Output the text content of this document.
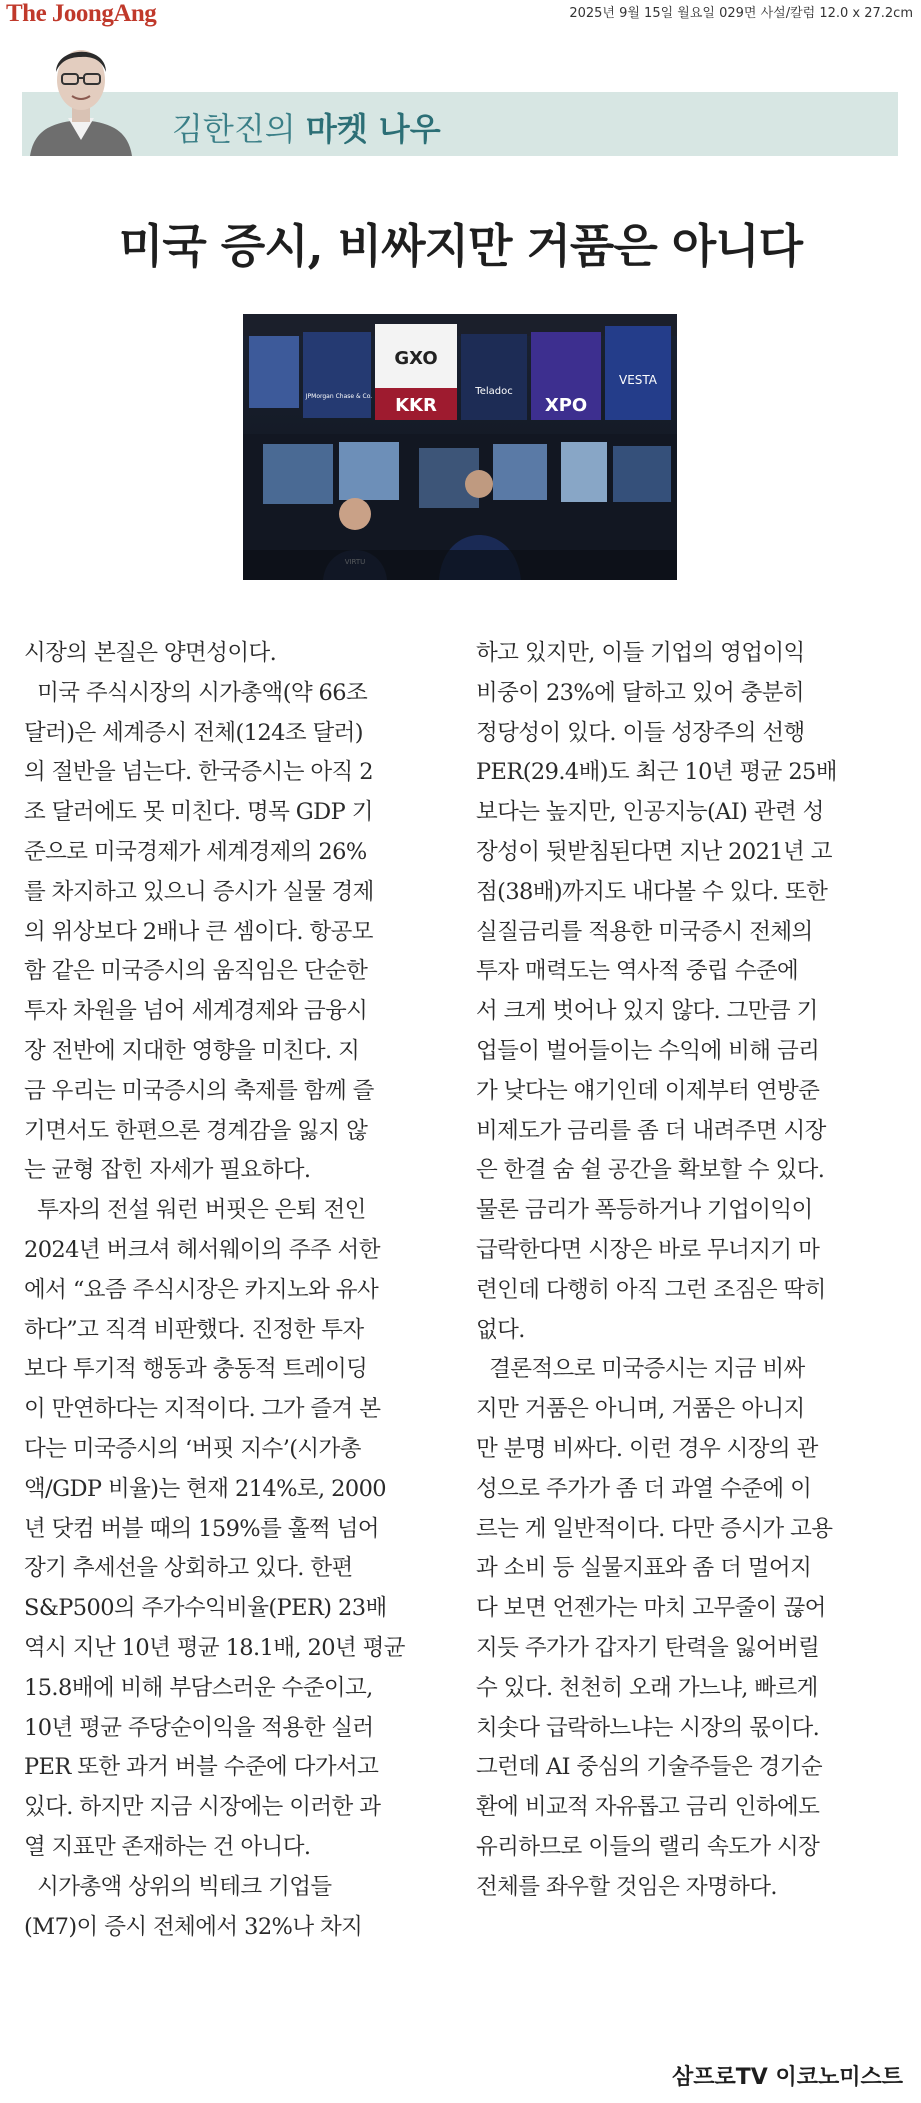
The JoongAng	2025년 9월 15일 월요일 029면 사설/칼럼 12.0 x 27.2cm
김한진의 마켓 나우
미국 증시, 비싸지만 거품은 아니다
GXO
KKR	XPO
VESTA
Teladoc
JPMorgan Chase & Co.
시장의 본질은 양면성이다.
미국 주식시장의 시가총액(약 66조
달러)은 세계증시 전체(124조 달러)
의 절반을 넘는다. 한국증시는 아직 2
조 달러에도 못 미친다. 명목 GDP 기
준으로 미국경제가 세계경제의 26%
를 차지하고 있으니 증시가 실물 경제
의 위상보다 2배나 큰 셈이다. 항공모
함 같은 미국증시의 움직임은 단순한
투자 차원을 넘어 세계경제와 금융시
장 전반에 지대한 영향을 미친다. 지
금 우리는 미국증시의 축제를 함께 즐
기면서도 한편으론 경계감을 잃지 않
는 균형 잡힌 자세가 필요하다.
투자의 전설 워런 버핏은 은퇴 전인
2024년 버크셔 헤서웨이의 주주 서한
에서 “요즘 주식시장은 카지노와 유사
하다”고 직격 비판했다. 진정한 투자
보다 투기적 행동과 충동적 트레이딩
이 만연하다는 지적이다. 그가 즐겨 본
다는 미국증시의 ‘버핏 지수’(시가총
액/GDP 비율)는 현재 214%로, 2000
년 닷컴 버블 때의 159%를 훌쩍 넘어
장기 추세선을 상회하고 있다. 한편
S&P500의 주가수익비율(PER) 23배
역시 지난 10년 평균 18.1배, 20년 평균
15.8배에 비해 부담스러운 수준이고,
10년 평균 주당순이익을 적용한 실러
PER 또한 과거 버블 수준에 다가서고
있다. 하지만 지금 시장에는 이러한 과
열 지표만 존재하는 건 아니다.
시가총액 상위의 빅테크 기업들
(M7)이 증시 전체에서 32%나 차지
하고 있지만, 이들 기업의 영업이익
비중이 23%에 달하고 있어 충분히
정당성이 있다. 이들 성장주의 선행
PER(29.4배)도 최근 10년 평균 25배
보다는 높지만, 인공지능(AI) 관련 성
장성이 뒷받침된다면 지난 2021년 고
점(38배)까지도 내다볼 수 있다. 또한
실질금리를 적용한 미국증시 전체의
투자 매력도는 역사적 중립 수준에
서 크게 벗어나 있지 않다. 그만큼 기
업들이 벌어들이는 수익에 비해 금리
가 낮다는 얘기인데 이제부터 연방준
비제도가 금리를 좀 더 내려주면 시장
은 한결 숨 쉴 공간을 확보할 수 있다.
물론 금리가 폭등하거나 기업이익이
급락한다면 시장은 바로 무너지기 마
련인데 다행히 아직 그런 조짐은 딱히
없다.
결론적으로 미국증시는 지금 비싸
지만 거품은 아니며, 거품은 아니지
만 분명 비싸다. 이런 경우 시장의 관
성으로 주가가 좀 더 과열 수준에 이
르는 게 일반적이다. 다만 증시가 고용
과 소비 등 실물지표와 좀 더 멀어지
다 보면 언젠가는 마치 고무줄이 끊어
지듯 주가가 갑자기 탄력을 잃어버릴
수 있다. 천천히 오래 가느냐, 빠르게
치솟다 급락하느냐는 시장의 몫이다.
그런데 AI 중심의 기술주들은 경기순
환에 비교적 자유롭고 금리 인하에도
유리하므로 이들의 랠리 속도가 시장
전체를 좌우할 것임은 자명하다.
삼프로TV 이코노미스트
